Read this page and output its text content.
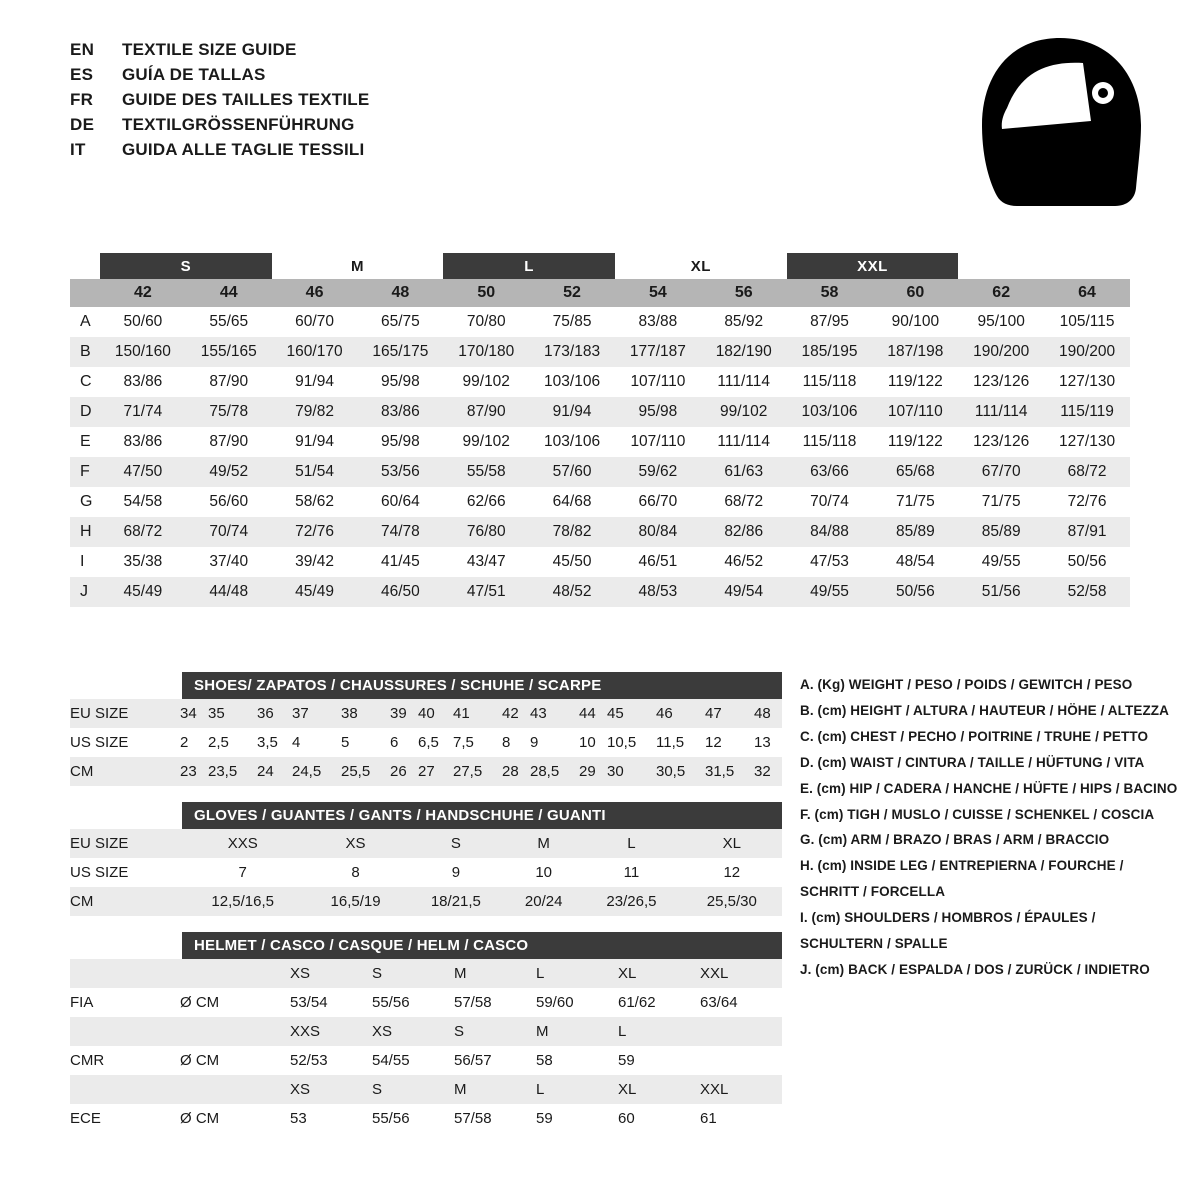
EN	TEXTILE SIZE GUIDE
ES	GUÍA DE TALLAS
FR	GUIDE DES TAILLES TEXTILE
DE	TEXTILGRÖSSENFÜHRUNG
IT	GUIDA ALLE TAGLIE TESSILI
	S		M		L		XL		XXL			
	42	44	46	48	50	52	54	56	58	60	62	64
A	50/60	55/65	60/70	65/75	70/80	75/85	83/88	85/92	87/95	90/100	95/100	105/115
B	150/160	155/165	160/170	165/175	170/180	173/183	177/187	182/190	185/195	187/198	190/200	190/200
C	83/86	87/90	91/94	95/98	99/102	103/106	107/110	111/114	115/118	119/122	123/126	127/130
D	71/74	75/78	79/82	83/86	87/90	91/94	95/98	99/102	103/106	107/110	111/114	115/119
E	83/86	87/90	91/94	95/98	99/102	103/106	107/110	111/114	115/118	119/122	123/126	127/130
F	47/50	49/52	51/54	53/56	55/58	57/60	59/62	61/63	63/66	65/68	67/70	68/72
G	54/58	56/60	58/62	60/64	62/66	64/68	66/70	68/72	70/74	71/75	71/75	72/76
H	68/72	70/74	72/76	74/78	76/80	78/82	80/84	82/86	84/88	85/89	85/89	87/91
I	35/38	37/40	39/42	41/45	43/47	45/50	46/51	46/52	47/53	48/54	49/55	50/56
J	45/49	44/48	45/49	46/50	47/51	48/52	48/53	49/54	49/55	50/56	51/56	52/58
SHOES/ ZAPATOS / CHAUSSURES / SCHUHE / SCARPE
EU SIZE	34	35	36	37	38	39	40	41	42	43	44	45	46	47	48
US SIZE	2	2,5	3,5	4	5	6	6,5	7,5	8	9	10	10,5	11,5	12	13
CM	23	23,5	24	24,5	25,5	26	27	27,5	28	28,5	29	30	30,5	31,5	32
GLOVES / GUANTES / GANTS / HANDSCHUHE / GUANTI
EU SIZE	XXS	XS	S	M	L	XL
US SIZE	7	8	9	10	11	12
CM	12,5/16,5	16,5/19	18/21,5	20/24	23/26,5	25,5/30
HELMET / CASCO / CASQUE / HELM / CASCO
		XS	S	M	L	XL	XXL
FIA	Ø CM	53/54	55/56	57/58	59/60	61/62	63/64
		XXS	XS	S	M	L	
CMR	Ø CM	52/53	54/55	56/57	58	59	
		XS	S	M	L	XL	XXL
ECE	Ø CM	53	55/56	57/58	59	60	61
A. (Kg) WEIGHT / PESO / POIDS / GEWITCH / PESO
B. (cm) HEIGHT / ALTURA / HAUTEUR / HÖHE / ALTEZZA
C. (cm) CHEST / PECHO / POITRINE / TRUHE / PETTO
D. (cm) WAIST / CINTURA / TAILLE / HÜFTUNG / VITA
E. (cm) HIP / CADERA / HANCHE / HÜFTE / HIPS / BACINO
F. (cm) TIGH / MUSLO / CUISSE / SCHENKEL / COSCIA
G. (cm) ARM / BRAZO / BRAS / ARM / BRACCIO
H. (cm) INSIDE LEG / ENTREPIERNA / FOURCHE /
SCHRITT / FORCELLA
I. (cm) SHOULDERS / HOMBROS / ÉPAULES /
SCHULTERN / SPALLE
J. (cm) BACK / ESPALDA / DOS / ZURÜCK / INDIETRO
